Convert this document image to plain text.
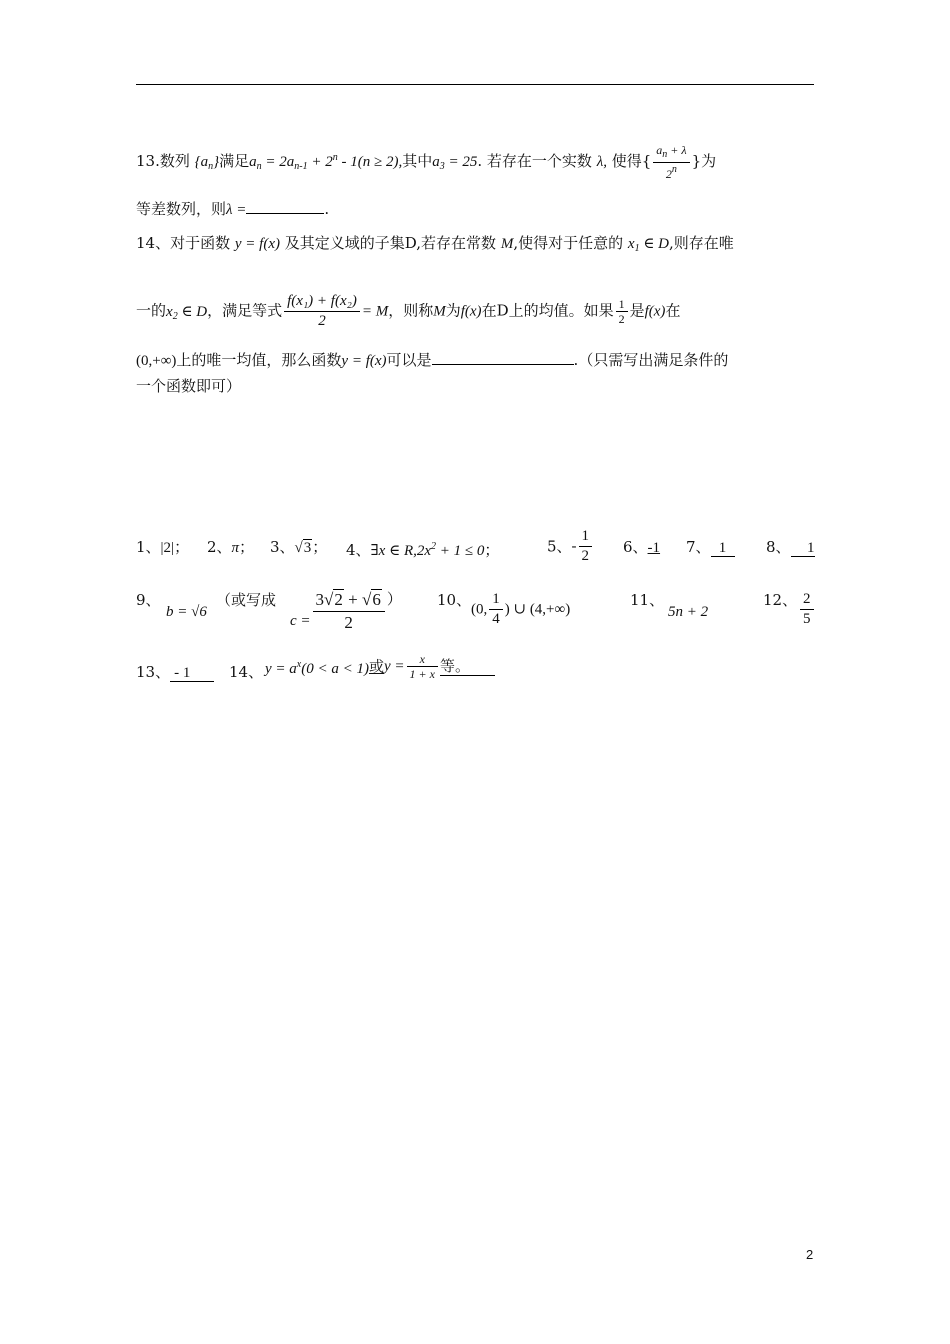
13.数列 $\{a_n\}$满足$a_n = 2a_{n-1} + 2^n - 1(n \ge 2)$,其中$a_3 = 25$. 若存在一个实数 λ, 使得{ $\frac{a_n + \lambda}{2^n}$ }为
等差数列，则λ =	.
14、对于函数 y = f(x) 及其定义域的子集D,若存在常数 M,使得对于任意的 $x_1$ ∈ D,则存在唯
一的$x_2$ ∈ D，满足等式 $\frac{\text{f(x₁) + f(x₂)}}{2} = M$，则称M为f(x)在D上的均值。如果 $\frac{1}{2}$ 是f(x)在
(0,+∞)上的唯一均值，那么函数y = f(x)可以是	.（只需写出满足条件的
一个函数即可）
1、|2|； 2、π； 3、√3； 4、∃x ∈ $R,2x^2 + 1 \le 0$；	5、- $\frac{1}{2} 6$、-1 7、 1	8、 1
9、
b = √6
（或写成
$c = \frac{3√2 + √6}{2}$ ） 10、
(0, $\frac{1}{4}$ ) ∪ (4,+∞)
11、
5n + 2
12、 $\frac{2}{5}$
13、 - 1	14、 $y = a^x(0 < a < 1)$或$y = \frac{x}{1 + x}$ 等。
2
